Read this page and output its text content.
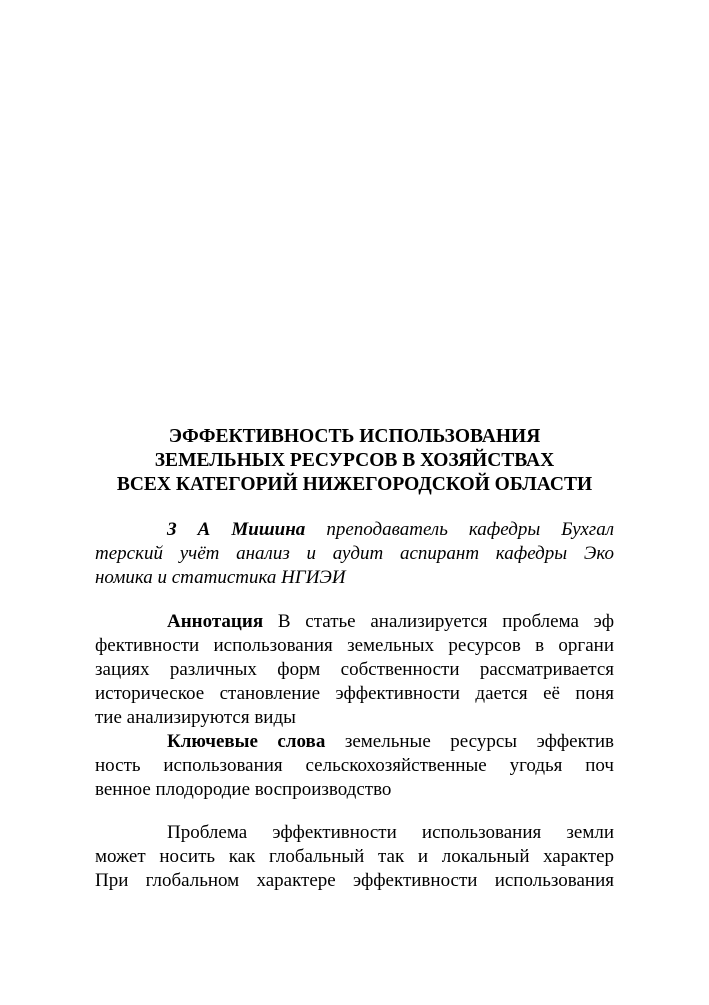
ЭФФЕКТИВНОСТЬ ИСПОЛЬЗОВАНИЯ
ЗЕМЕЛЬНЫХ РЕСУРСОВ В ХОЗЯЙСТВАХ
ВСЕХ КАТЕГОРИЙ НИЖЕГОРОДСКОЙ ОБЛАСТИ
З А Мишина преподаватель кафедры Бухгал
терский учёт анализ и аудит аспирант кафедры Эко
номика и статистика НГИЭИ
Аннотация В статье анализируется проблема эф
фективности использования земельных ресурсов в органи
зациях различных форм собственности рассматривается
историческое становление эффективности дается её поня
тие анализируются виды
Ключевые слова земельные ресурсы эффектив
ность использования сельскохозяйственные угодья поч
венное плодородие воспроизводство
Проблема эффективности использования земли
может носить как глобальный так и локальный характер
При глобальном характере эффективности использования
